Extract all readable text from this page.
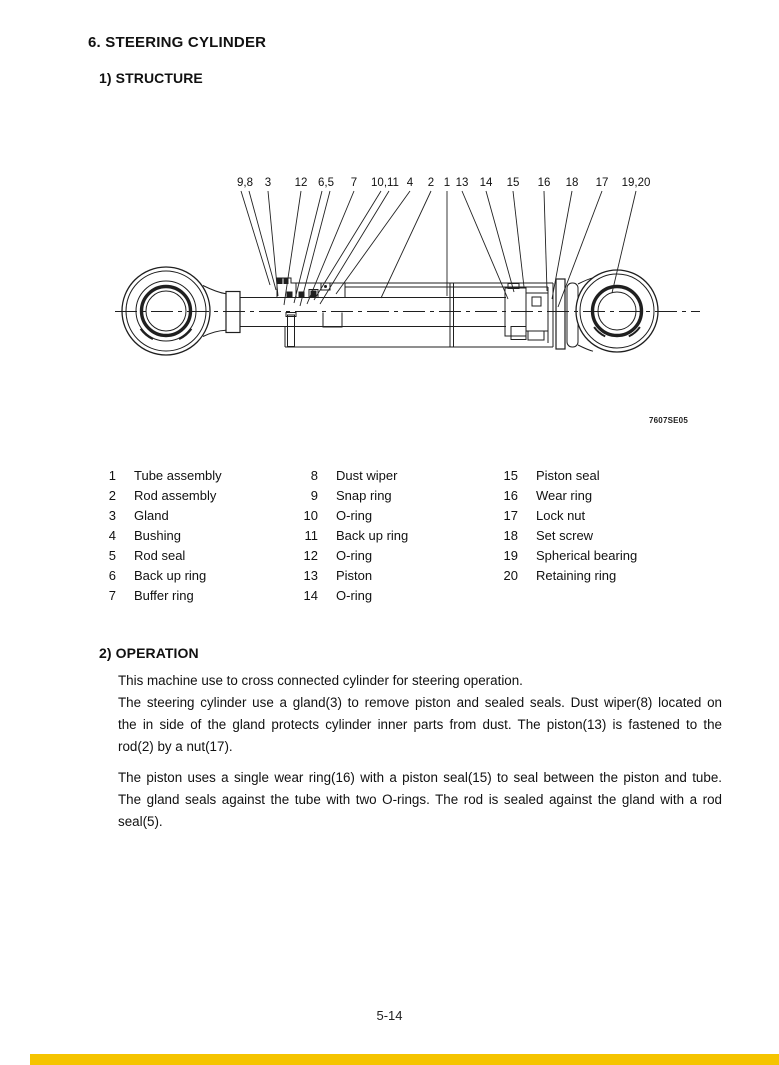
6. STEERING CYLINDER
1) STRUCTURE
9,8 3 12 6,5 7 10,11 4 2 1 13 14 15 16 18 17 19,20
7607SE05
1 Tube assembly
2 Rod assembly
3 Gland
4 Bushing
5 Rod seal
6 Back up ring
7 Buffer ring
8 Dust wiper
9 Snap ring
10 O-ring
11 Back up ring
12 O-ring
13 Piston
14 O-ring
15 Piston seal
16 Wear ring
17 Lock nut
18 Set screw
19 Spherical bearing
20 Retaining ring
2) OPERATION
This machine use to cross connected cylinder for steering operation.
The steering cylinder use a gland(3) to remove piston and sealed seals. Dust wiper(8) located on
the in side of the gland protects cylinder inner parts from dust. The piston(13) is fastened to the
rod(2) by a nut(17).
The piston uses a single wear ring(16) with a piston seal(15) to seal between the piston and tube.
The gland seals against the tube with two O-rings. The rod is sealed against the gland with a rod
seal(5).
5-14
